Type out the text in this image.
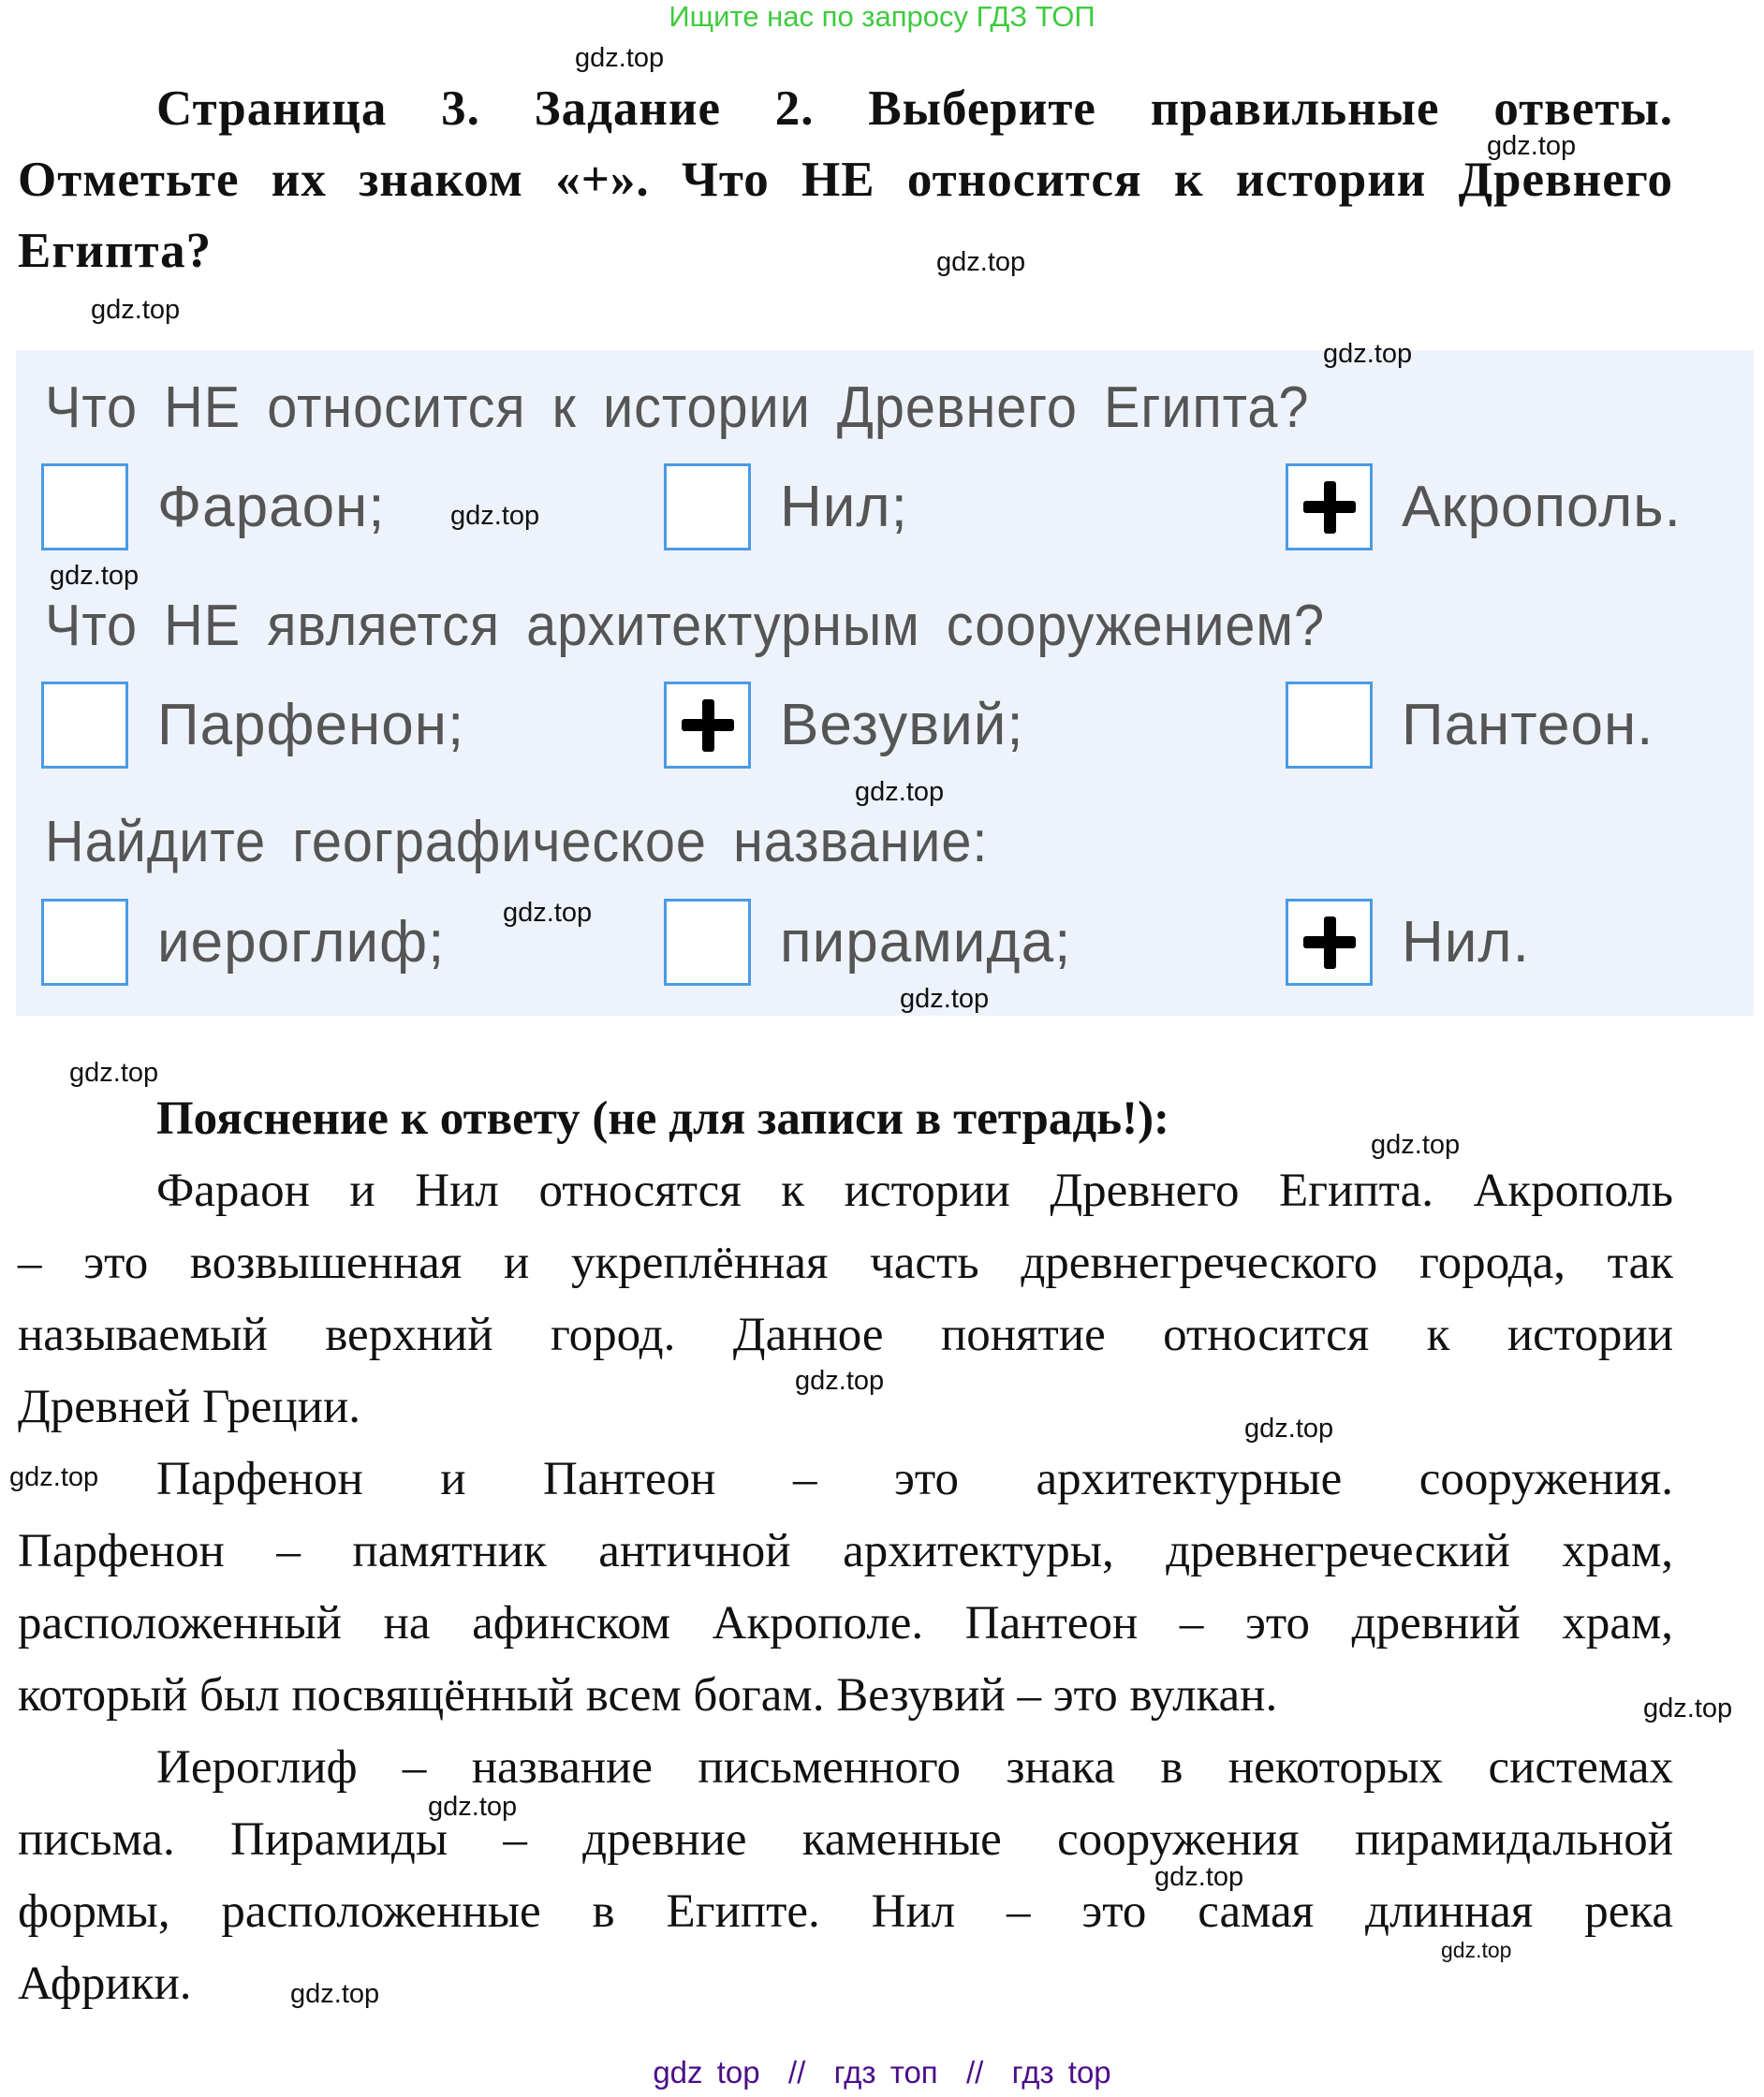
Ищите нас по запросу ГДЗ ТОП
Страница 3. Задание 2. Выберите правильные ответы.
Отметьте их знаком «+». Что НЕ относится к истории Древнего
Египта?
Что НЕ относится к истории Древнего Египта?
Фараон;	Нил;	Акрополь.
Что НЕ является архитектурным сооружением?
Парфенон;	Везувий;	Пантеон.
Найдите географическое название:
иероглиф;	пирамида;	Нил.
Пояснение к ответу (не для записи в тетрадь!):
Фараон и Нил относятся к истории Древнего Египта. Акрополь
– это возвышенная и укреплённая часть древнегреческого города, так
называемый верхний город. Данное понятие относится к истории
Древней Греции.
Парфенон и Пантеон – это архитектурные сооружения.
Парфенон – памятник античной архитектуры, древнегреческий храм,
расположенный на афинском Акрополе. Пантеон – это древний храм,
который был посвящённый всем богам. Везувий – это вулкан.
Иероглиф – название письменного знака в некоторых системах
письма. Пирамиды – древние каменные сооружения пирамидальной
формы, расположенные в Египте. Нил – это самая длинная река
Африки.
gdz.top
gdz.top
gdz.top
gdz.top
gdz.top
gdz.top
gdz.top
gdz.top
gdz.top
gdz.top
gdz.top
gdz.top
gdz.top
gdz.top
gdz.top
gdz.top
gdz.top
gdz.top
gdz.top
gdz.top
gdz top  //  гдз топ  //  гдз top
